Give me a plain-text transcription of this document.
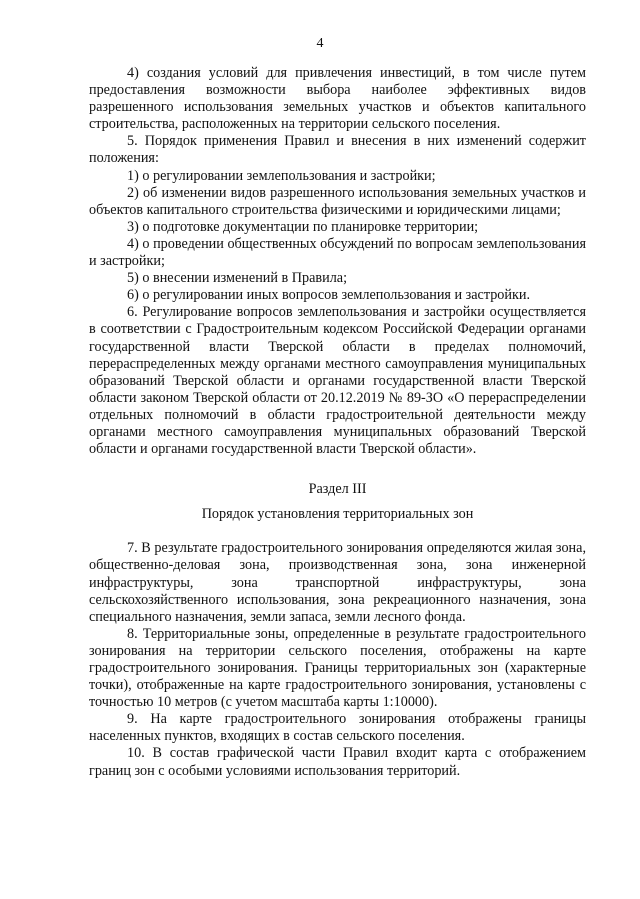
4

4) создания условий для привлечения инвестиций, в том числе путем предоставления возможности выбора наиболее эффективных видов разрешенного использования земельных участков и объектов капитального строительства, расположенных на территории сельского поселения.

5. Порядок применения Правил и внесения в них изменений содержит положения:

1) о регулировании землепользования и застройки;

2) об изменении видов разрешенного использования земельных участков и объектов капитального строительства физическими и юридическими лицами;

3) о подготовке документации по планировке территории;

4) о проведении общественных обсуждений по вопросам землепользования и застройки;

5) о внесении изменений в Правила;

6) о регулировании иных вопросов землепользования и застройки.

6. Регулирование вопросов землепользования и застройки осуществляется в соответствии с Градостроительным кодексом Российской Федерации органами государственной власти Тверской области в пределах полномочий, перераспределенных между органами местного самоуправления муниципальных образований Тверской области и органами государственной власти Тверской области законом Тверской области от 20.12.2019 № 89-ЗО «О перераспределении отдельных полномочий в области градостроительной деятельности между органами местного самоуправления муниципальных образований Тверской области и органами государственной власти Тверской области».

Раздел III

Порядок установления территориальных зон

7. В результате градостроительного зонирования определяются жилая зона, общественно-деловая зона, производственная зона, зона инженерной инфраструктуры, зона транспортной инфраструктуры, зона сельскохозяйственного использования, зона рекреационного назначения, зона специального назначения, земли запаса, земли лесного фонда.

8. Территориальные зоны, определенные в результате градостроительного зонирования на территории сельского поселения, отображены на карте градостроительного зонирования. Границы территориальных зон (характерные точки), отображенные на карте градостроительного зонирования, установлены с точностью 10 метров (с учетом масштаба карты 1:10000).

9. На карте градостроительного зонирования отображены границы населенных пунктов, входящих в состав сельского поселения.

10. В состав графической части Правил входит карта с отображением границ зон с особыми условиями использования территорий.
